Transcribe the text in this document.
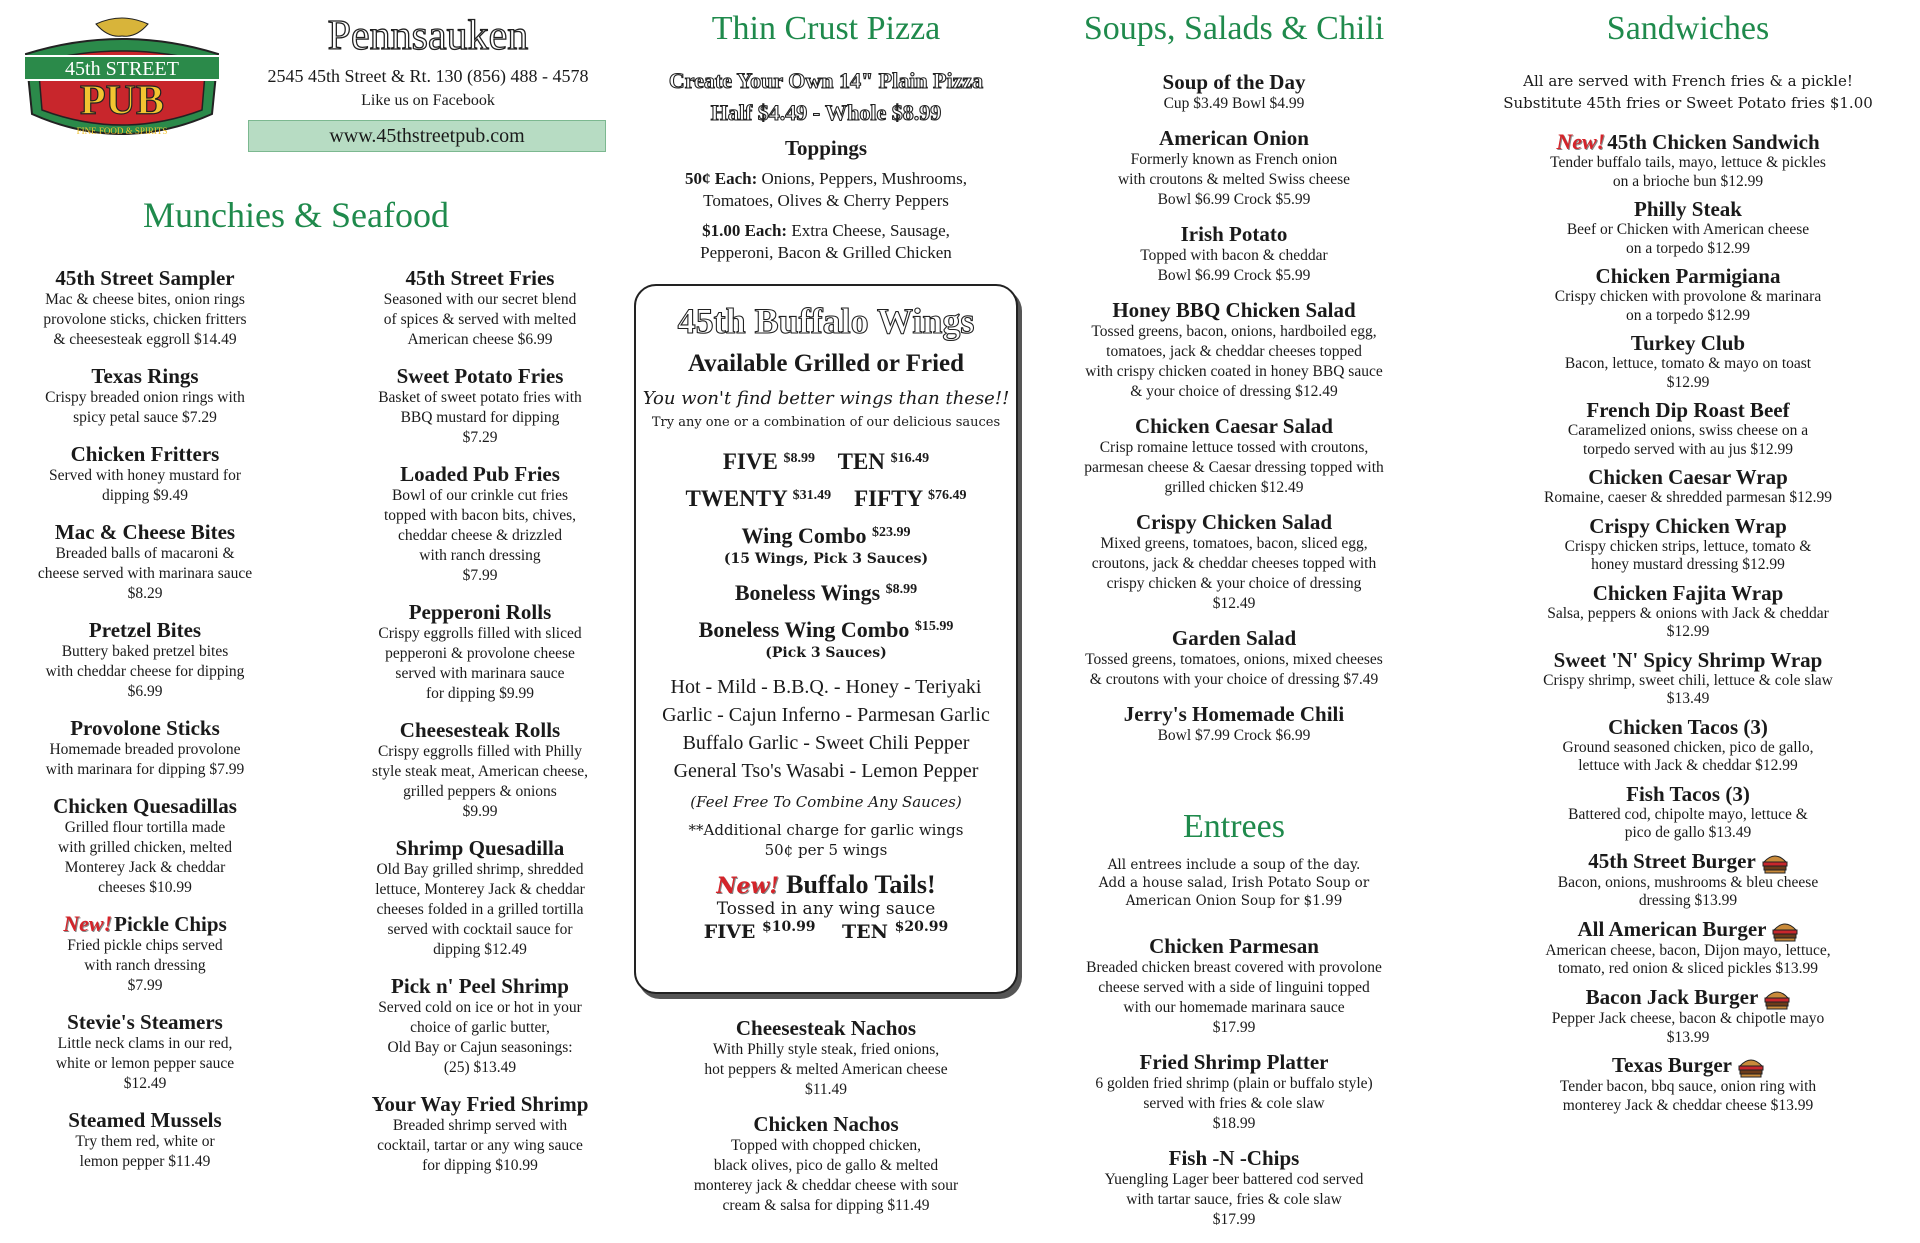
45th STREET
PUB
FINE FOOD & SPIRITS
Pennsauken
2545 45th Street & Rt. 130 (856) 488 - 4578
Like us on Facebook
www.45thstreetpub.com
Munchies & Seafood
45th Street Sampler
Mac & cheese bites, onion rings
provolone sticks, chicken fritters
& cheesesteak eggroll $14.49
Texas Rings
Crispy breaded onion rings with
spicy petal sauce $7.29
Chicken Fritters
Served with honey mustard for
dipping $9.49
Mac & Cheese Bites
Breaded balls of macaroni &
cheese served with marinara sauce
$8.29
Pretzel Bites
Buttery baked pretzel bites
with cheddar cheese for dipping
$6.99
Provolone Sticks
Homemade breaded provolone
with marinara for dipping $7.99
Chicken Quesadillas
Grilled flour tortilla made
with grilled chicken, melted
Monterey Jack & cheddar
cheeses $10.99
New!Pickle Chips
Fried pickle chips served
with ranch dressing
$7.99
Stevie's Steamers
Little neck clams in our red,
white or lemon pepper sauce
$12.49
Steamed Mussels
Try them red, white or
lemon pepper $11.49
45th Street Fries
Seasoned with our secret blend
of spices & served with melted
American cheese $6.99
Sweet Potato Fries
Basket of sweet potato fries with
BBQ mustard for dipping
$7.29
Loaded Pub Fries
Bowl of our crinkle cut fries
topped with bacon bits, chives,
cheddar cheese & drizzled
with ranch dressing
$7.99
Pepperoni Rolls
Crispy eggrolls filled with sliced
pepperoni & provolone cheese
served with marinara sauce
for dipping $9.99
Cheesesteak Rolls
Crispy eggrolls filled with Philly
style steak meat, American cheese,
grilled peppers & onions
$9.99
Shrimp Quesadilla
Old Bay grilled shrimp, shredded
lettuce, Monterey Jack & cheddar
cheeses folded in a grilled tortilla
served with cocktail sauce for
dipping $12.49
Pick n' Peel Shrimp
Served cold on ice or hot in your
choice of garlic butter,
Old Bay or Cajun seasonings:
(25) $13.49
Your Way Fried Shrimp
Breaded shrimp served with
cocktail, tartar or any wing sauce
for dipping $10.99
Thin Crust Pizza
Create Your Own 14" Plain Pizza
Half $4.49 - Whole $8.99
Toppings
50¢ Each: Onions, Peppers, Mushrooms,
Tomatoes, Olives & Cherry Peppers
$1.00 Each: Extra Cheese, Sausage,
Pepperoni, Bacon & Grilled Chicken
45th Buffalo Wings
Available Grilled or Fried
You won't find better wings than these!!
Try any one or a combination of our delicious sauces
FIVE $^{\$8.99}$ TEN $^{\$16.49}$
TWENTY $^{\$31.49}$ FIFTY $^{\$76.49}$
Wing Combo $^{\$23.99}$
(15 Wings, Pick 3 Sauces)
Boneless Wings $^{\$8.99}$
Boneless Wing Combo $^{\$15.99}$
(Pick 3 Sauces)
Hot - Mild - B.B.Q. - Honey - Teriyaki
Garlic - Cajun Inferno - Parmesan Garlic
Buffalo Garlic - Sweet Chili Pepper
General Tso's Wasabi - Lemon Pepper
(Feel Free To Combine Any Sauces)
**Additional charge for garlic wings
50¢ per 5 wings
New! Buffalo Tails!
Tossed in any wing sauce
FIVE $^{\$10.99}$ TEN $^{\$20.99}$
Cheesesteak Nachos
With Philly style steak, fried onions,
hot peppers & melted American cheese
$11.49
Chicken Nachos
Topped with chopped chicken,
black olives, pico de gallo & melted
monterey jack & cheddar cheese with sour
cream & salsa for dipping $11.49
Soups, Salads & Chili
Soup of the Day
Cup $3.49 Bowl $4.99
American Onion
Formerly known as French onion
with croutons & melted Swiss cheese
Bowl $6.99 Crock $5.99
Irish Potato
Topped with bacon & cheddar
Bowl $6.99 Crock $5.99
Honey BBQ Chicken Salad
Tossed greens, bacon, onions, hardboiled egg,
tomatoes, jack & cheddar cheeses topped
with crispy chicken coated in honey BBQ sauce
& your choice of dressing $12.49
Chicken Caesar Salad
Crisp romaine lettuce tossed with croutons,
parmesan cheese & Caesar dressing topped with
grilled chicken $12.49
Crispy Chicken Salad
Mixed greens, tomatoes, bacon, sliced egg,
croutons, jack & cheddar cheeses topped with
crispy chicken & your choice of dressing
$12.49
Garden Salad
Tossed greens, tomatoes, onions, mixed cheeses
& croutons with your choice of dressing $7.49
Jerry's Homemade Chili
Bowl $7.99 Crock $6.99
Entrees
All entrees include a soup of the day.
Add a house salad, Irish Potato Soup or
American Onion Soup for $1.99
Chicken Parmesan
Breaded chicken breast covered with provolone
cheese served with a side of linguini topped
with our homemade marinara sauce
$17.99
Fried Shrimp Platter
6 golden fried shrimp (plain or buffalo style)
served with fries & cole slaw
$18.99
Fish -N -Chips
Yuengling Lager beer battered cod served
with tartar sauce, fries & cole slaw
$17.99
Sandwiches
All are served with French fries & a pickle!
Substitute 45th fries or Sweet Potato fries $1.00
New!45th Chicken Sandwich
Tender buffalo tails, mayo, lettuce & pickles
on a brioche bun $12.99
Philly Steak
Beef or Chicken with American cheese
on a torpedo $12.99
Chicken Parmigiana
Crispy chicken with provolone & marinara
on a torpedo $12.99
Turkey Club
Bacon, lettuce, tomato & mayo on toast
$12.99
French Dip Roast Beef
Caramelized onions, swiss cheese on a
torpedo served with au jus $12.99
Chicken Caesar Wrap
Romaine, caeser & shredded parmesan $12.99
Crispy Chicken Wrap
Crispy chicken strips, lettuce, tomato &
honey mustard dressing $12.99
Chicken Fajita Wrap
Salsa, peppers & onions with Jack & cheddar
$12.99
Sweet 'N' Spicy Shrimp Wrap
Crispy shrimp, sweet chili, lettuce & cole slaw
$13.49
Chicken Tacos (3)
Ground seasoned chicken, pico de gallo,
lettuce with Jack & cheddar $12.99
Fish Tacos (3)
Battered cod, chipolte mayo, lettuce &
pico de gallo $13.49
45th Street Burger
Bacon, onions, mushrooms & bleu cheese
dressing $13.99
All American Burger
American cheese, bacon, Dijon mayo, lettuce,
tomato, red onion & sliced pickles $13.99
Bacon Jack Burger
Pepper Jack cheese, bacon & chipotle mayo
$13.99
Texas Burger
Tender bacon, bbq sauce, onion ring with
monterey Jack & cheddar cheese $13.99
